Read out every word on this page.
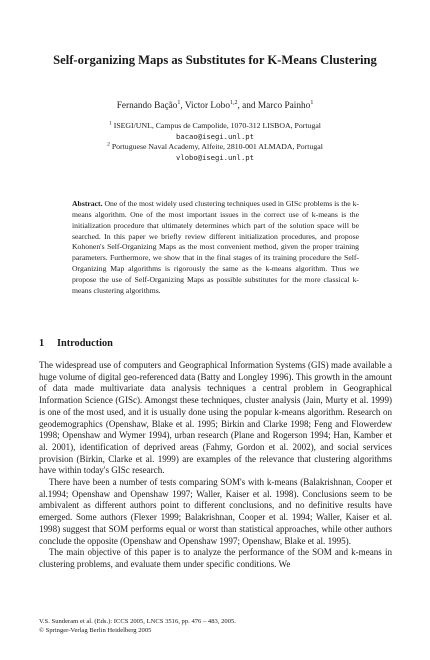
Self-organizing Maps as Substitutes for K-Means Clustering
Fernando Bação$^1$, Victor Lobo$^{1,2}$, and Marco Painho$^1$
$^1$ ISEGI/UNL, Campus de Campolide, 1070-312 LISBOA, Portugal
bacao@isegi.unl.pt
$^2$ Portuguese Naval Academy, Alfeite, 2810-001 ALMADA, Portugal
vlobo@isegi.unl.pt

Abstract. One of the most widely used clustering techniques used in GISc problems is the k-means algorithm. One of the most important issues in the correct use of k-means is the initialization procedure that ultimately determines which part of the solution space will be searched. In this paper we briefly review different initialization procedures, and propose Kohonen's Self-Organizing Maps as the most convenient method, given the proper training parameters. Furthermore, we show that in the final stages of its training procedure the Self-Organizing Map algorithms is rigorously the same as the k-means algorithm. Thus we propose the use of Self-Organizing Maps as possible substitutes for the more classical k-means clustering algorithms.

1 Introduction

The widespread use of computers and Geographical Information Systems (GIS) made available a huge volume of digital geo-referenced data (Batty and Longley 1996). This growth in the amount of data made multivariate data analysis techniques a central problem in Geographical Information Science (GISc). Amongst these techniques, cluster analysis (Jain, Murty et al. 1999) is one of the most used, and it is usually done using the popular k-means algorithm. Research on geodemographics (Openshaw, Blake et al. 1995; Birkin and Clarke 1998; Feng and Flowerdew 1998; Openshaw and Wymer 1994), urban research (Plane and Rogerson 1994; Han, Kamber et al. 2001), identification of deprived areas (Fahmy, Gordon et al. 2002), and social services provision (Birkin, Clarke et al. 1999) are examples of the relevance that clustering algorithms have within today's GISc research.

There have been a number of tests comparing SOM's with k-means (Balakrishnan, Cooper et al.1994; Openshaw and Openshaw 1997; Waller, Kaiser et al. 1998). Conclusions seem to be ambivalent as different authors point to different conclusions, and no definitive results have emerged. Some authors (Flexer 1999; Balakrishnan, Cooper et al. 1994; Waller, Kaiser et al. 1998) suggest that SOM performs equal or worst than statistical approaches, while other authors conclude the opposite (Openshaw and Openshaw 1997; Openshaw, Blake et al. 1995).

The main objective of this paper is to analyze the performance of the SOM and k-means in clustering problems, and evaluate them under specific conditions. We

V.S. Sunderam et al. (Eds.): ICCS 2005, LNCS 3516, pp. 476 – 483, 2005.
© Springer-Verlag Berlin Heidelberg 2005
